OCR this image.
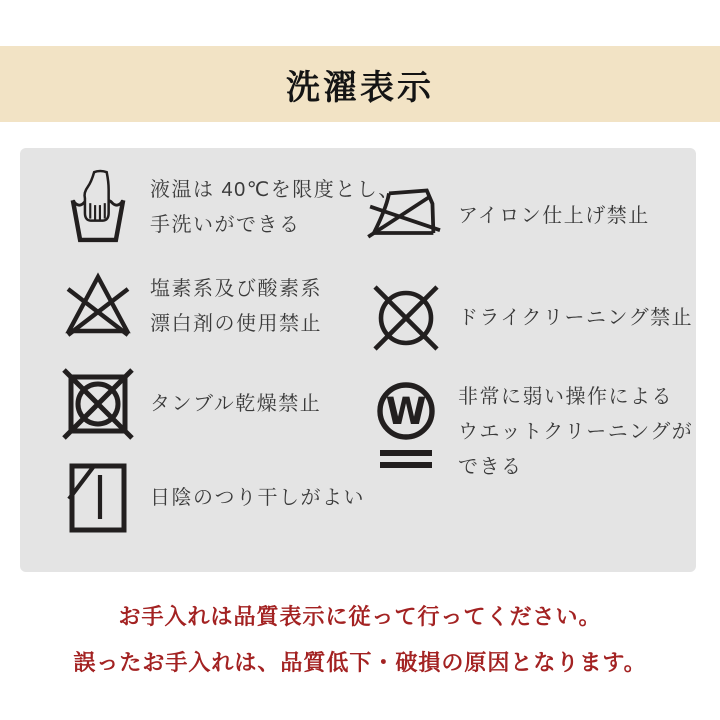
洗濯表示
液温は 40℃を限度とし、
手洗いができる
塩素系及び酸素系
漂白剤の使用禁止
タンブル乾燥禁止
日陰のつり干しがよい
アイロン仕上げ禁止
ドライクリーニング禁止
W 非常に弱い操作による
ウエットクリーニングが
できる
お手入れは品質表示に従って行ってください。
誤ったお手入れは、品質低下・破損の原因となります。
